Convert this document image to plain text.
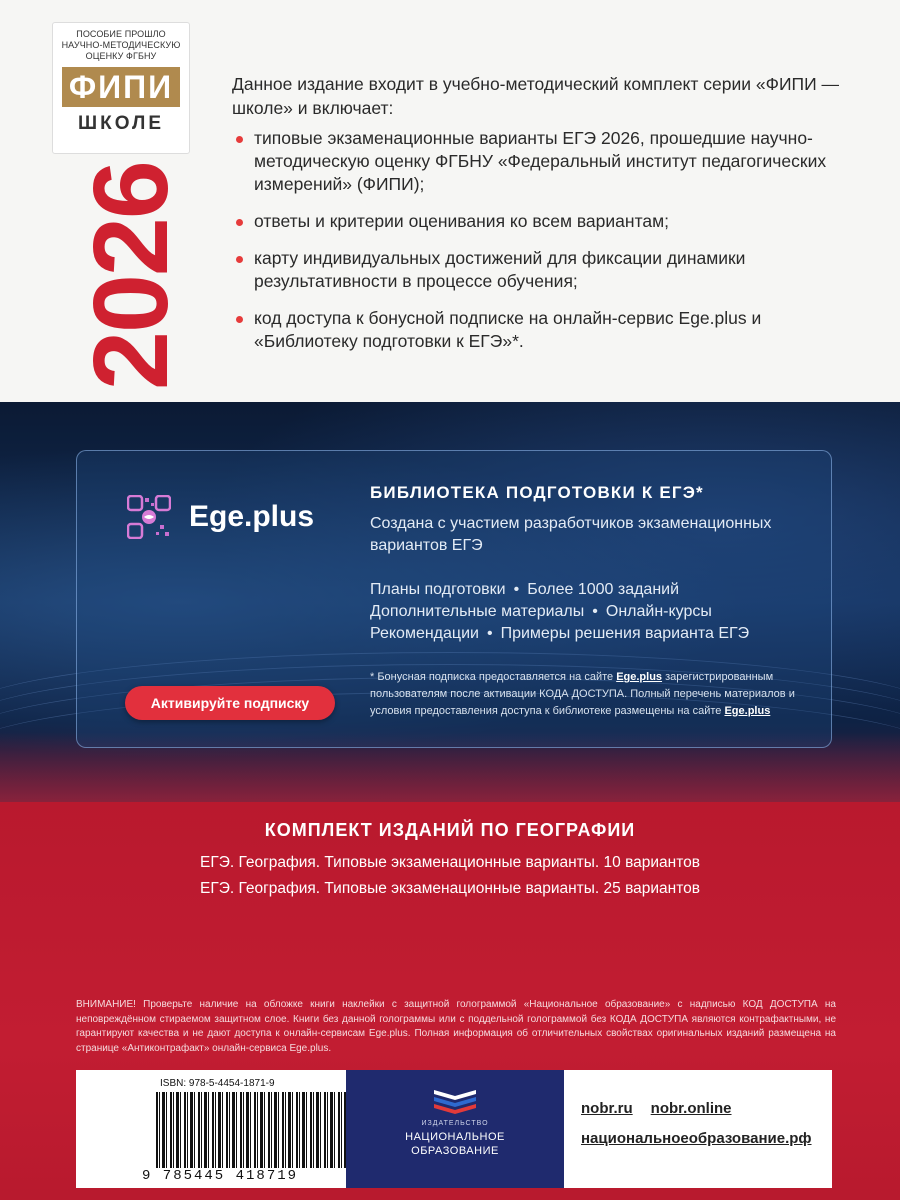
ПОСОБИЕ ПРОШЛО
НАУЧНО-МЕТОДИЧЕСКУЮ
ОЦЕНКУ ФГБНУ
ФИПИ
ШКОЛЕ
2026
Данное издание входит в учебно-методический комплект серии «ФИПИ — школе» и включает:
типовые экзаменационные варианты ЕГЭ 2026, прошедшие научно-методическую оценку ФГБНУ «Федеральный институт педагогических измерений» (ФИПИ);
ответы и критерии оценивания ко всем вариантам;
карту индивидуальных достижений для фиксации динамики результативности в процессе обучения;
код доступа к бонусной подписке на онлайн-сервис Ege.plus и «Библиотеку подготовки к ЕГЭ»*.
Ege.plus
БИБЛИОТЕКА ПОДГОТОВКИ К ЕГЭ*
Создана с участием разработчиков экзаменационных вариантов ЕГЭ
Планы подготовки • Более 1000 заданий
Дополнительные материалы • Онлайн-курсы
Рекомендации • Примеры решения варианта ЕГЭ
* Бонусная подписка предоставляется на сайте Ege.plus зарегистрированным пользователям после активации КОДА ДОСТУПА. Полный перечень материалов и условия предоставления доступа к библиотеке размещены на сайте Ege.plus
Активируйте подписку
КОМПЛЕКТ ИЗДАНИЙ ПО ГЕОГРАФИИ
ЕГЭ. География. Типовые экзаменационные варианты. 10 вариантов
ЕГЭ. География. Типовые экзаменационные варианты. 25 вариантов
ВНИМАНИЕ! Проверьте наличие на обложке книги наклейки с защитной голограммой «Национальное образование» с надписью КОД ДОСТУПА на неповреждённом стираемом защитном слое. Книги без данной голограммы или с поддельной голограммой без КОДА ДОСТУПА являются контрафактными, не гарантируют качества и не дают доступа к онлайн-сервисам Ege.plus. Полная информация об отличительных свойствах оригинальных изданий размещена на странице «Антиконтрафакт» онлайн-сервиса Ege.plus.
ISBN: 978-5-4454-1871-9
9 785445 418719
ИЗДАТЕЛЬСТВО
НАЦИОНАЛЬНОЕ
ОБРАЗОВАНИЕ
nobr.ru nobr.online
национальноеобразование.рф
